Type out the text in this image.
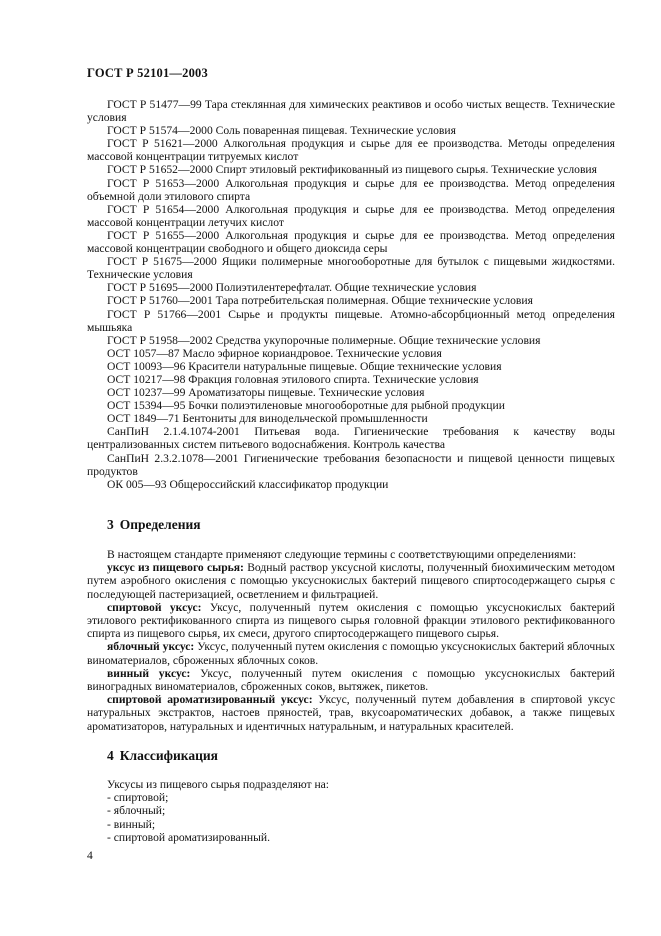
ГОСТ Р 52101—2003

ГОСТ Р 51477—99 Тара стеклянная для химических реактивов и особо чистых веществ. Технические условия

ГОСТ Р 51574—2000 Соль поваренная пищевая. Технические условия

ГОСТ Р 51621—2000 Алкогольная продукция и сырье для ее производства. Методы определения массовой концентрации титруемых кислот

ГОСТ Р 51652—2000 Спирт этиловый ректификованный из пищевого сырья. Технические условия

ГОСТ Р 51653—2000 Алкогольная продукция и сырье для ее производства. Метод определения объемной доли этилового спирта

ГОСТ Р 51654—2000 Алкогольная продукция и сырье для ее производства. Метод определения массовой концентрации летучих кислот

ГОСТ Р 51655—2000 Алкогольная продукция и сырье для ее производства. Метод определения массовой концентрации свободного и общего диоксида серы

ГОСТ Р 51675—2000 Ящики полимерные многооборотные для бутылок с пищевыми жидкостями. Технические условия

ГОСТ Р 51695—2000 Полиэтилентерефталат. Общие технические условия

ГОСТ Р 51760—2001 Тара потребительская полимерная. Общие технические условия

ГОСТ Р 51766—2001 Сырье и продукты пищевые. Атомно-абсорбционный метод определения мышьяка

ГОСТ Р 51958—2002 Средства укупорочные полимерные. Общие технические условия

ОСТ 1057—87 Масло эфирное кориандровое. Технические условия

ОСТ 10093—96 Красители натуральные пищевые. Общие технические условия

ОСТ 10217—98 Фракция головная этилового спирта. Технические условия

ОСТ 10237—99 Ароматизаторы пищевые. Технические условия

ОСТ 15394—95 Бочки полиэтиленовые многооборотные для рыбной продукции

ОСТ 1849—71 Бентониты для винодельческой промышленности

СанПиН 2.1.4.1074-2001 Питьевая вода. Гигиенические требования к качеству воды централизованных систем питьевого водоснабжения. Контроль качества

СанПиН 2.3.2.1078—2001 Гигиенические требования безопасности и пищевой ценности пищевых продуктов

ОК 005—93 Общероссийский классификатор продукции

3 Определения

В настоящем стандарте применяют следующие термины с соответствующими определениями:

уксус из пищевого сырья: Водный раствор уксусной кислоты, полученный биохимическим методом путем аэробного окисления с помощью уксуснокислых бактерий пищевого спиртосодержащего сырья с последующей пастеризацией, осветлением и фильтрацией.

спиртовой уксус: Уксус, полученный путем окисления с помощью уксуснокислых бактерий этилового ректификованного спирта из пищевого сырья головной фракции этилового ректификованного спирта из пищевого сырья, их смеси, другого спиртосодержащего пищевого сырья.

яблочный уксус: Уксус, полученный путем окисления с помощью уксуснокислых бактерий яблочных виноматериалов, сброженных яблочных соков.

винный уксус: Уксус, полученный путем окисления с помощью уксуснокислых бактерий виноградных виноматериалов, сброженных соков, вытяжек, пикетов.

спиртовой ароматизированный уксус: Уксус, полученный путем добавления в спиртовой уксус натуральных экстрактов, настоев пряностей, трав, вкусоароматических добавок, а также пищевых ароматизаторов, натуральных и идентичных натуральным, и натуральных красителей.

4 Классификация

Уксусы из пищевого сырья подразделяют на:

- спиртовой;

- яблочный;

- винный;

- спиртовой ароматизированный.

4
